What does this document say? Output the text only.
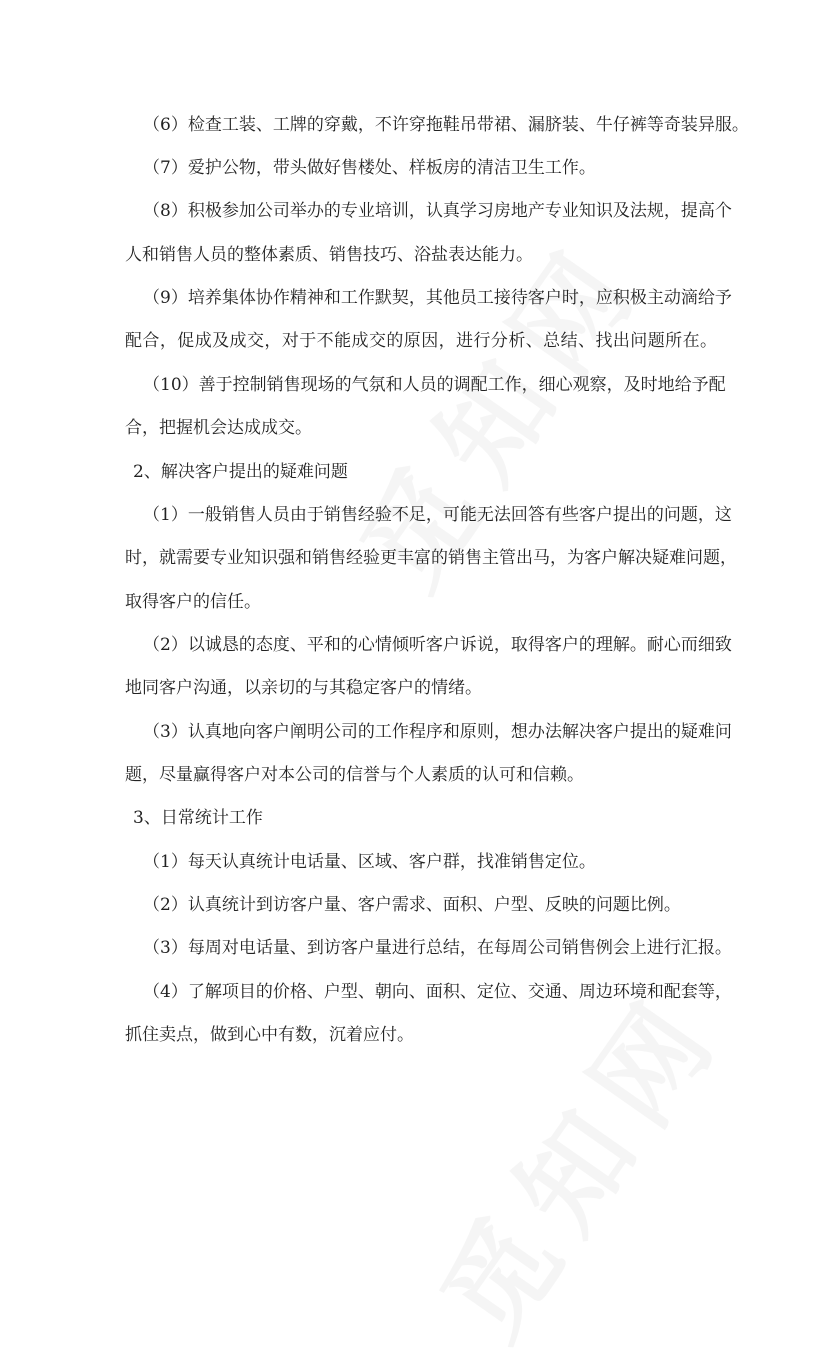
（6）检查工装、工牌的穿戴，不许穿拖鞋吊带裙、漏脐装、牛仔裤等奇装异服。
（7）爱护公物，带头做好售楼处、样板房的清洁卫生工作。
（8）积极参加公司举办的专业培训，认真学习房地产专业知识及法规，提高个
人和销售人员的整体素质、销售技巧、浴盐表达能力。
（9）培养集体协作精神和工作默契，其他员工接待客户时，应积极主动滴给予
配合，促成及成交，对于不能成交的原因，进行分析、总结、找出问题所在。
（10）善于控制销售现场的气氛和人员的调配工作，细心观察，及时地给予配
合，把握机会达成成交。
2、解决客户提出的疑难问题
（1）一般销售人员由于销售经验不足，可能无法回答有些客户提出的问题，这
时，就需要专业知识强和销售经验更丰富的销售主管出马，为客户解决疑难问题，
取得客户的信任。
（2）以诚恳的态度、平和的心情倾听客户诉说，取得客户的理解。耐心而细致
地同客户沟通，以亲切的与其稳定客户的情绪。
（3）认真地向客户阐明公司的工作程序和原则，想办法解决客户提出的疑难问
题，尽量赢得客户对本公司的信誉与个人素质的认可和信赖。
3、日常统计工作
（1）每天认真统计电话量、区域、客户群，找准销售定位。
（2）认真统计到访客户量、客户需求、面积、户型、反映的问题比例。
（3）每周对电话量、到访客户量进行总结，在每周公司销售例会上进行汇报。
（4）了解项目的价格、户型、朝向、面积、定位、交通、周边环境和配套等，
抓住卖点，做到心中有数，沉着应付。
